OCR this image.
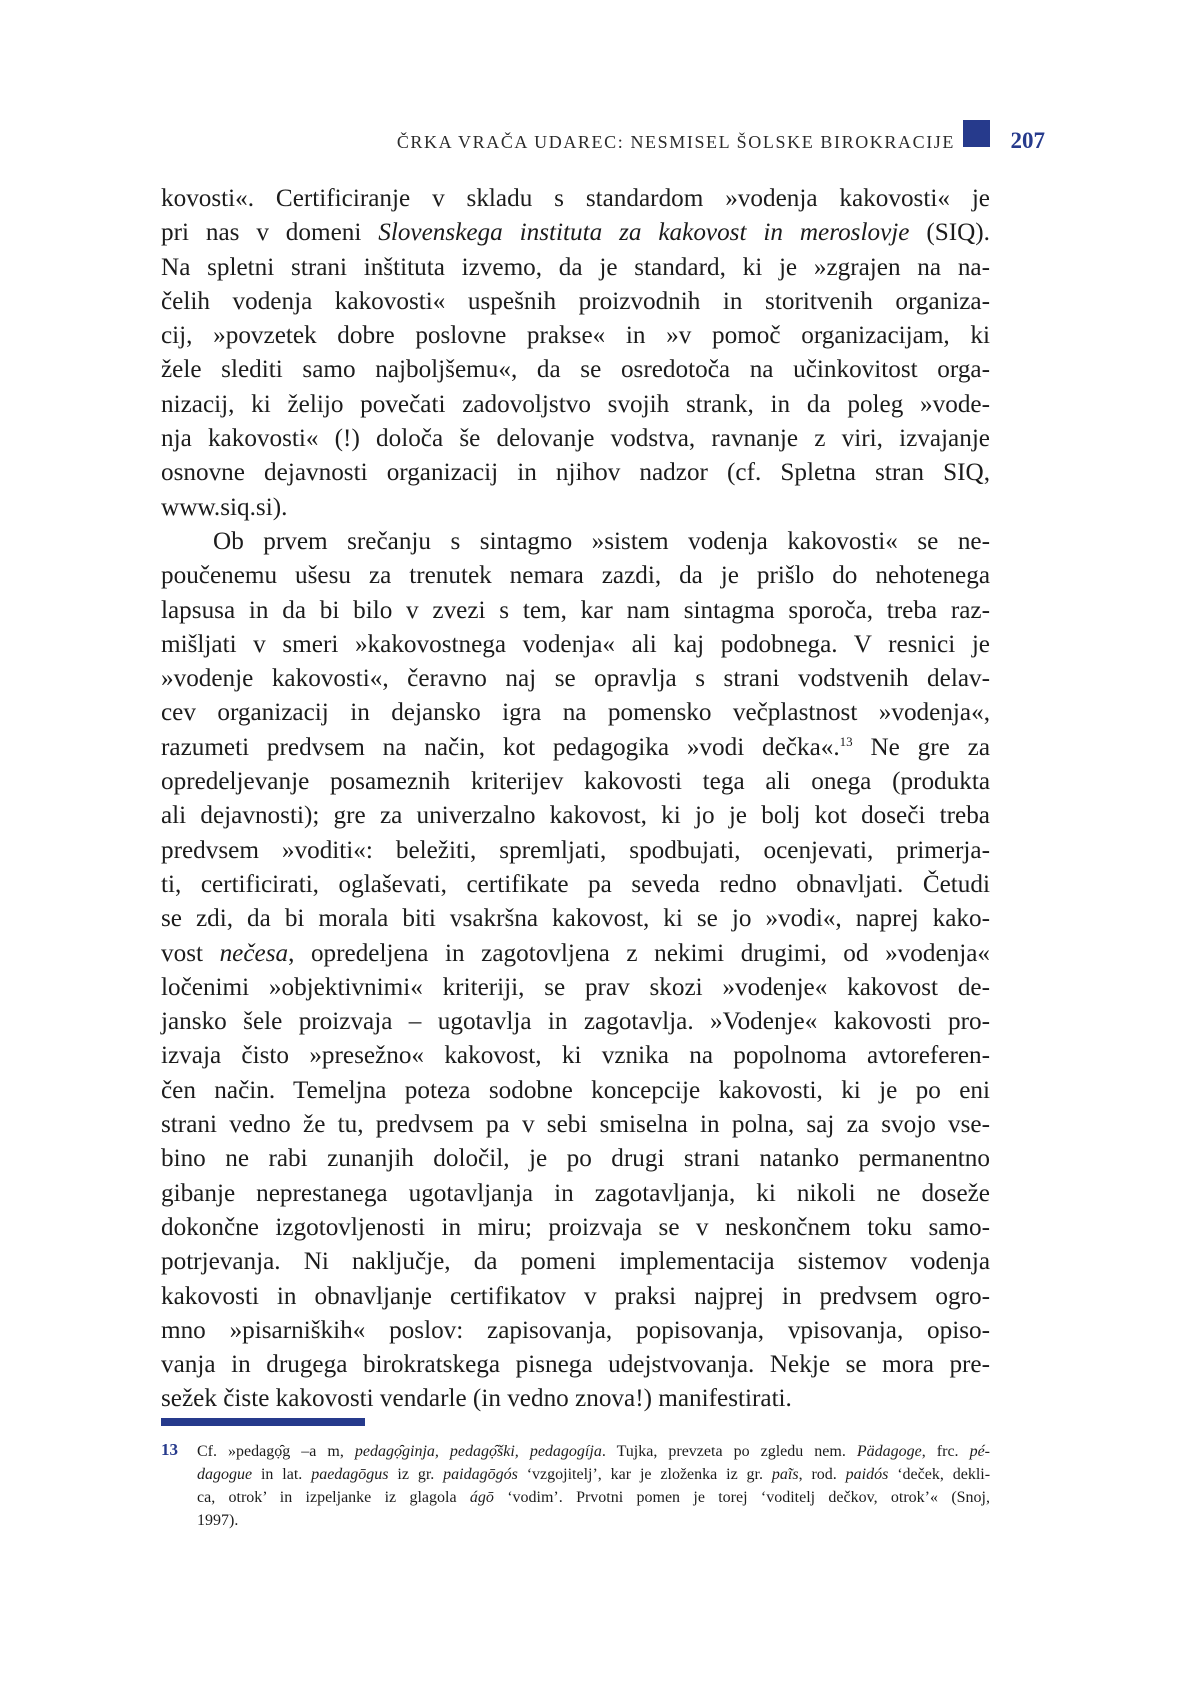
ČRKA VRAČA UDAREC: NESMISEL ŠOLSKE BIROKRACIJE 207
kovosti«. Certificiranje v skladu s standardom »vodenja kakovosti« je
pri nas v domeni Slovenskega instituta za kakovost in meroslovje (SIQ).
Na spletni strani inštituta izvemo, da je standard, ki je »zgrajen na na-
čelih vodenja kakovosti« uspešnih proizvodnih in storitvenih organiza-
cij, »povzetek dobre poslovne prakse« in »v pomoč organizacijam, ki
želе slediti samo najboljšemu«, da se osredotoča na učinkovitost orga-
nizacij, ki želijo povečati zadovoljstvo svojih strank, in da poleg »vode-
nja kakovosti« (!) določa še delovanje vodstva, ravnanje z viri, izvajanje
osnovne dejavnosti organizacij in njihov nadzor (cf. Spletna stran SIQ,
www.siq.si).
Ob prvem srečanju s sintagmo »sistem vodenja kakovosti« se ne-
poučenemu ušesu za trenutek nemara zazdi, da je prišlo do nehotenega
lapsusa in da bi bilo v zvezi s tem, kar nam sintagma sporoča, treba raz-
mišljati v smeri »kakovostnega vodenja« ali kaj podobnega. V resnici je
»vodenje kakovosti«, čeravno naj se opravlja s strani vodstvenih delav-
cev organizacij in dejansko igra na pomensko večplastnost »vodenja«,
razumeti predvsem na način, kot pedagogika »vodi dečka«.$^{13}$ Ne gre za
opredeljevanje posameznih kriterijev kakovosti tega ali onega (produkta
ali dejavnosti); gre za univerzalno kakovost, ki jo je bolj kot doseči treba
predvsem »voditi«: beležiti, spremljati, spodbujati, ocenjevati, primerja-
ti, certificirati, oglaševati, certifikate pa seveda redno obnavljati. Četudi
se zdi, da bi morala biti vsakršna kakovost, ki se jo »vodi«, naprej kako-
vost nečesa, opredeljena in zagotovljena z nekimi drugimi, od »vodenja«
ločenimi »objektivnimi« kriteriji, se prav skozi »vodenje« kakovost de-
jansko šele proizvaja – ugotavlja in zagotavlja. »Vodenje« kakovosti pro-
izvaja čisto »presežno« kakovost, ki vznika na popolnoma avtoreferen-
čen način. Temeljna poteza sodobne koncepcije kakovosti, ki je po eni
strani vedno že tu, predvsem pa v sebi smiselna in polna, saj za svojo vse-
bino ne rabi zunanjih določil, je po drugi strani natanko permanentno
gibanje neprestanega ugotavljanja in zagotavljanja, ki nikoli ne doseže
dokončne izgotovljenosti in miru; proizvaja se v neskončnem toku samo-
potrjevanja. Ni naključje, da pomeni implementacija sistemov vodenja
kakovosti in obnavljanje certifikatov v praksi najprej in predvsem ogro-
mno »pisarniških« poslov: zapisovanja, popisovanja, vpisovanja, opiso-
vanja in drugega birokratskega pisnega udejstvovanja. Nekje se mora pre-
sežek čiste kakovosti vendarle (in vedno znova!) manifestirati.
13 Cf. »pedagọ̑g –a m, pedagọ̑ginja, pedagọ̑ški, pedagogíja. Tujka, prevzeta po zgledu nem. Pädagoge, frc. pé-
dagogue in lat. paedagōgus iz gr. paidagōgós ‘vzgojitelj’, kar je zloženka iz gr. paĩs, rod. paidós ‘deček, dekli-
ca, otrok’ in izpeljanke iz glagola ágō ‘vodim’. Prvotni pomen je torej ‘voditelj dečkov, otrok’« (Snoj,
1997).
